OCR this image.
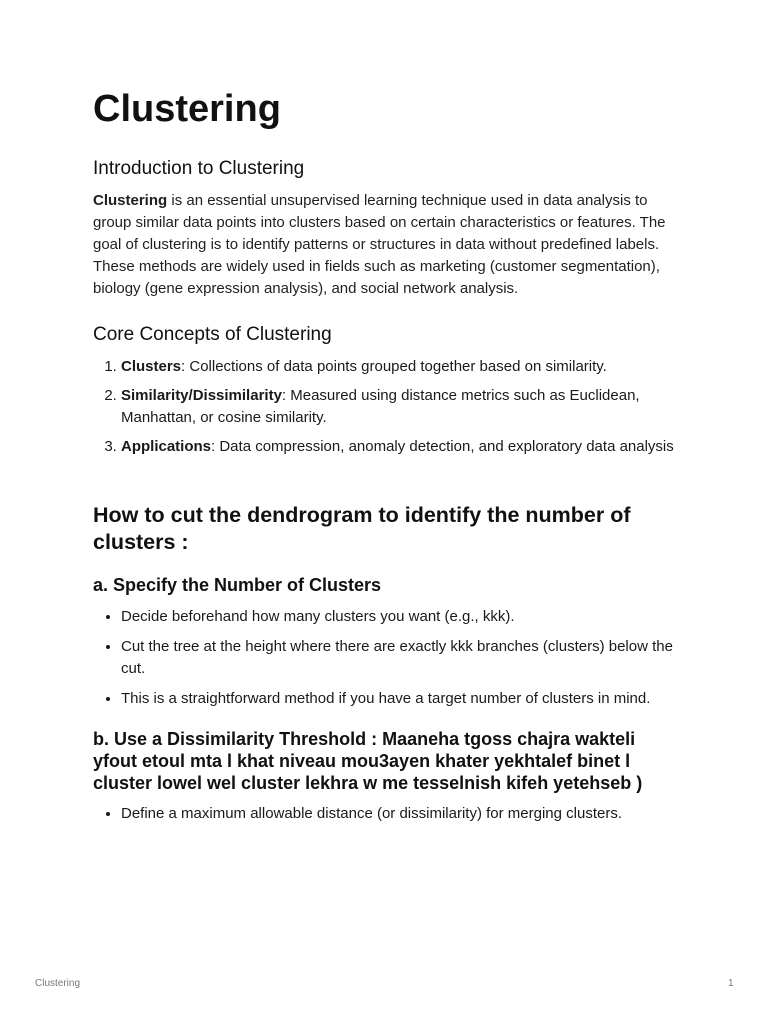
Clustering
Introduction to Clustering

Clustering is an essential unsupervised learning technique used in data analysis to group similar data points into clusters based on certain characteristics or features. The goal of clustering is to identify patterns or structures in data without predefined labels. These methods are widely used in fields such as marketing (customer segmentation), biology (gene expression analysis), and social network analysis.

Core Concepts of Clustering
1. Clusters: Collections of data points grouped together based on similarity.
2. Similarity/Dissimilarity: Measured using distance metrics such as Euclidean, Manhattan, or cosine similarity.
3. Applications: Data compression, anomaly detection, and exploratory data analysis
How to cut the dendrogram to identify the number of clusters :
a. Specify the Number of Clusters
• Decide beforehand how many clusters you want (e.g., kkk).
• Cut the tree at the height where there are exactly kkk branches (clusters) below the cut.
• This is a straightforward method if you have a target number of clusters in mind.
b. Use a Dissimilarity Threshold : Maaneha tgoss chajra wakteli yfout etoul mta l khat niveau mou3ayen khater yekhtalef binet l cluster lowel wel cluster lekhra w me tesselnish kifeh yetehseb )
• Define a maximum allowable distance (or dissimilarity) for merging clusters.
Clustering	1
